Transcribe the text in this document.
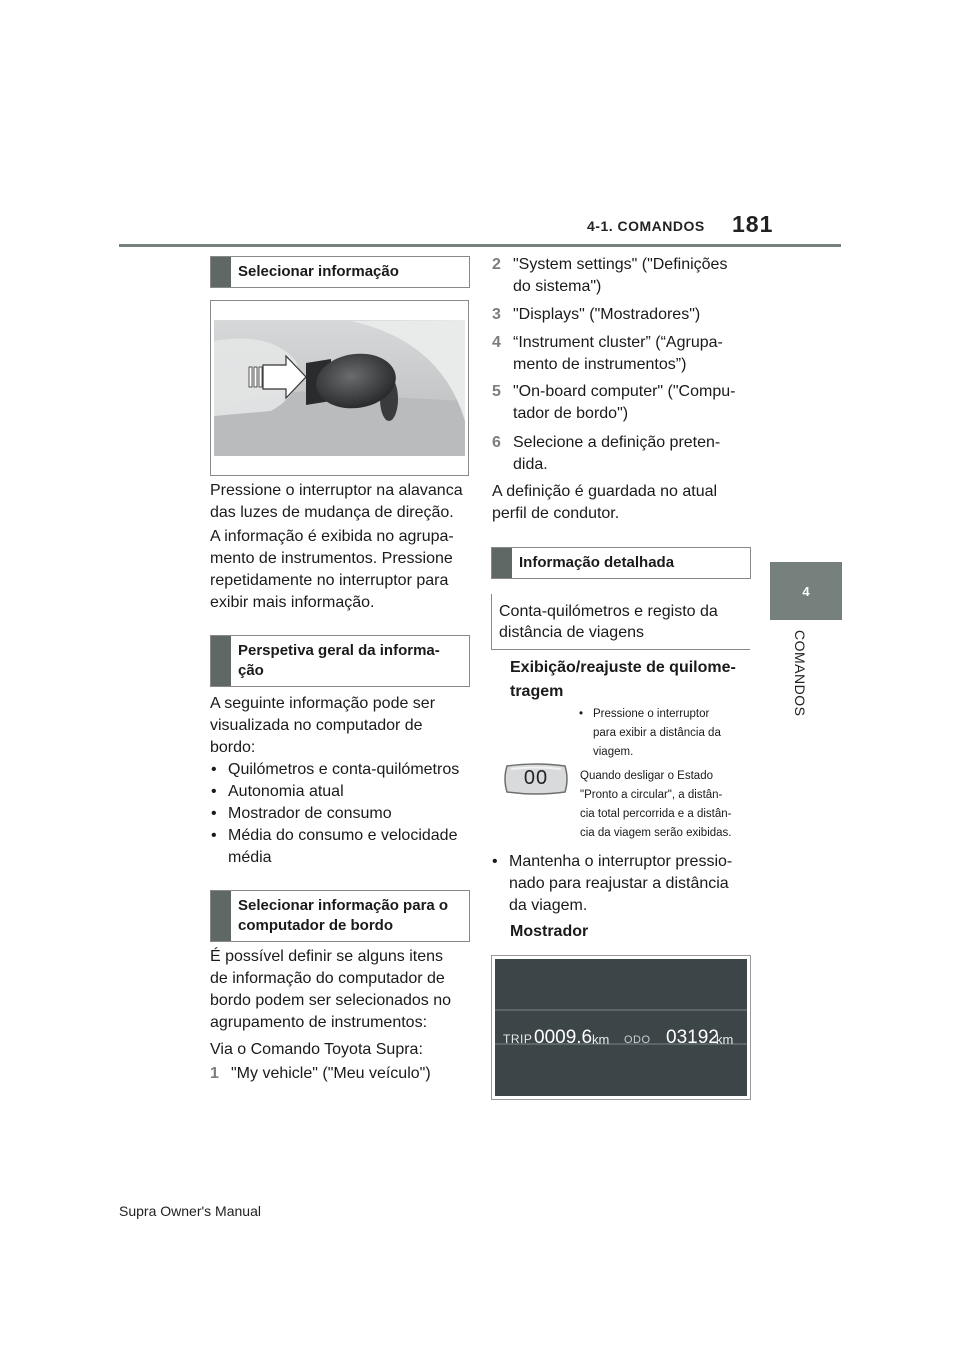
4-1. COMANDOS 181
4
COMANDOS
Selecionar informação
Pressione o interruptor na alavanca
das luzes de mudança de direção.
A informação é exibida no agrupa-
mento de instrumentos. Pressione
repetidamente no interruptor para
exibir mais informação.
Perspetiva geral da informa-
ção
A seguinte informação pode ser
visualizada no computador de
bordo:
• Quilómetros e conta-quilómetros
• Autonomia atual
• Mostrador de consumo
• Média do consumo e velocidade
média
Selecionar informação para o
computador de bordo
É possível definir se alguns itens
de informação do computador de
bordo podem ser selecionados no
agrupamento de instrumentos:
Via o Comando Toyota Supra:
1 "My vehicle" ("Meu veículo")
2 "System settings" ("Definições
do sistema")
3 "Displays" ("Mostradores")
4 “Instrument cluster” (“Agrupa-
mento de instrumentos”)
5 "On-board computer" ("Compu-
tador de bordo")
6 Selecione a definição preten-
dida.
A definição é guardada no atual
perfil de condutor.
Informação detalhada
Conta-quilómetros e registo da
distância de viagens
Exibição/reajuste de quilome-
tragem
• Pressione o interruptor
para exibir a distância da
viagem.
00	Quando desligar o Estado
"Pronto a circular", a distân-
cia total percorrida e a distân-
cia da viagem serão exibidas.
• Mantenha o interruptor pressio-
nado para reajustar a distância
da viagem.
Mostrador
TRIP 0009.6 km ODO 03192
km
Supra Owner's Manual
